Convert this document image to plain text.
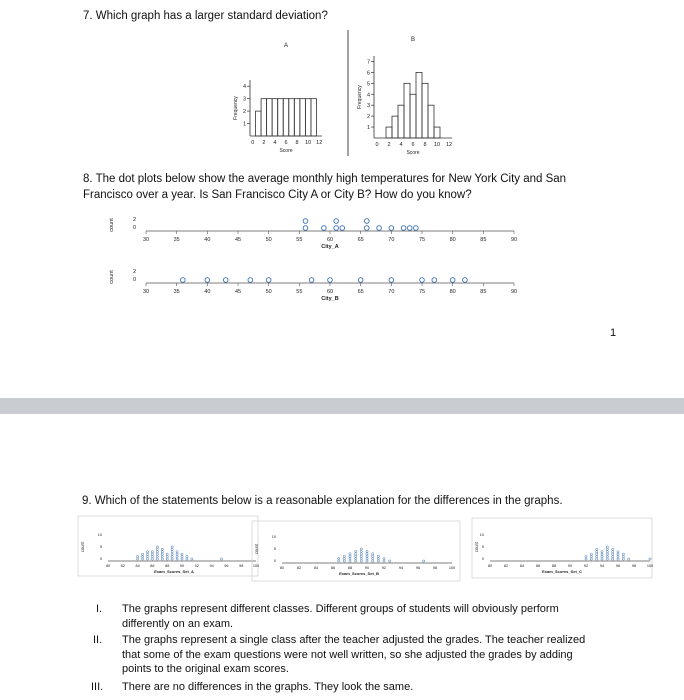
7. Which graph has a larger standard deviation?
A
1
2
3
4
0 2 4 6 8 10 12
Score
Frequency
B
1
2
3
4
5
6
7
0 2 4 6 8 10 12
Score
Frequency
8. The dot plots below show the average monthly high temperatures for New York City and San
Francisco over a year. Is San Francisco City A or City B? How do you know?
30	35	40	45	50	55	60	65	70	75	80	85	90
0
2
count
City_A
30	35	40	45	50	55	60	65	70	75	80	85	90
0
2
count
City_B
1
9. Which of the statements below is a reasonable explanation for the differences in the graphs.
80	82	84	86	88	90	92	94	96	98	100
0
5
10
count
Exam_Scores_Set_A
80	82	84	86	88	90	92	94	96	98	100
0
5
10
count
Exam_Scores_Set_B
80	82	84	86	88	90	92	94	96	98	100
0
5
10
count
Exam_Scores_Set_C
I. The graphs represent different classes. Different groups of students will obviously perform
differently on an exam.
II. The graphs represent a single class after the teacher adjusted the grades. The teacher realized
that some of the exam questions were not well written, so she adjusted the grades by adding
points to the original exam scores.
III. There are no differences in the graphs. They look the same.
